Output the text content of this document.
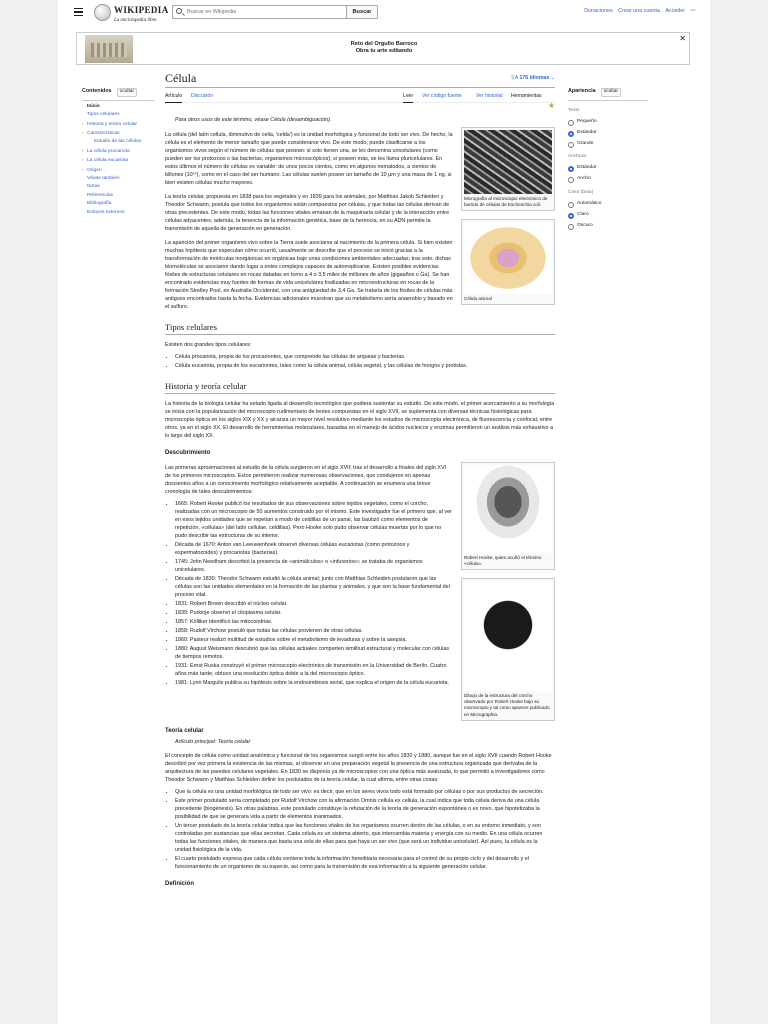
WIKIPEDIA
La enciclopedia libre
Buscar en Wikipedia
Buscar	Donaciones Crear una cuenta Acceder ···
Reto del Orgullo Barroco
Obra tu arte editando
✕
Contenidos ocultar
Inicio
Tipos celulares
› Historia y teoría celular
› Características
Estudio de las células
› La célula procariota
› La célula eucariota
› Origen
Véase también
Notas
Referencias
Bibliografía
Enlaces externos
Célula	文A 176 idiomas ⌄
Artículo Discusión	Leer Ver código fuente	Ver historial Herramientas
★
Para otros usos de este término, véase Célula (desambiguación).
Micrografía al microscopio electrónico de barrido de células de Escherichia coli.
La célula (del latín cellula, diminutivo de cella, 'celda') es la unidad morfológica y funcional de todo ser vivo. De hecho, la célula es el elemento de menor tamaño que puede considerarse vivo. De este modo, puede clasificarse a los organismos vivos según el número de células que posean: si solo tienen una, se les denomina unicelulares (como pueden ser los protozoos o las bacterias, organismos microscópicos); si poseen más, se les llama pluricelulares. En estos últimos el número de células es variable: de unos pocos cientos, como en algunos nematodos, a cientos de billones (10¹⁴), como en el caso del ser humano. Las células suelen poseer un tamaño de 10 µm y una masa de 1 ng, si bien existen células mucho mayores.
Célula animal
La teoría celular, propuesta en 1838 para los vegetales y en 1839 para los animales, por Matthias Jakob Schleiden y Theodor Schwann, postula que todos los organismos están compuestos por células, y que todas las células derivan de otras precedentes. De este modo, todas las funciones vitales emanan de la maquinaria celular y de la interacción entre células adyacentes; además, la tenencia de la información genética, base de la herencia, en su ADN permite la transmisión de aquella de generación en generación.
La aparición del primer organismo vivo sobre la Tierra suele asociarse al nacimiento de la primera célula. Si bien existen muchas hipótesis que especulan cómo ocurrió, usualmente se describe que el proceso se inició gracias a la transformación de moléculas inorgánicas en orgánicas bajo unas condiciones ambientales adecuadas; tras esto, dichas biomoléculas se asociaron dando lugar a entes complejos capaces de autorreplicarse. Existen posibles evidencias fósiles de estructuras celulares en rocas datadas en torno a 4 o 3,5 miles de millones de años (gigaaños o Ga). Se han encontrado evidencias muy fuertes de formas de vida unicelulares fosilizadas en microestructuras en rocas de la formación Strelley Pool, en Australia Occidental, con una antigüedad de 3,4 Ga. Se trataría de los fósiles de células más antiguos encontrados hasta la fecha. Evidencias adicionales muestran que su metabolismo sería anaerobio y basado en el sulfuro.
Tipos celulares
Existen dos grandes tipos celulares:
• Célula procariota, propia de los procariontes, que comprende las células de arqueas y bacterias.
• Célula eucariota, propia de los eucariontes, tales como la célula animal, célula vegetal, y las células de hongos y protistas.
Historia y teoría celular
La historia de la biología celular ha estado ligada al desarrollo tecnológico que pudiera sustentar su estudio. De este modo, el primer acercamiento a su morfología se inicia con la popularización del microscopio rudimentario de lentes compuestas en el siglo XVII, se suplementa con diversas técnicas histológicas para microscopía óptica en los siglos XIX y XX y alcanza un mayor nivel resolutivo mediante los estudios de microscopía electrónica, de fluorescencia y confocal, entre otros, ya en el siglo XX. El desarrollo de herramientas moleculares, basadas en el manejo de ácidos nucleicos y enzimas permitieron un análisis más exhaustivo a lo largo del siglo XX.
Descubrimiento
Robert Hooke, quien acuñó el término «célula».
Las primeras aproximaciones al estudio de la célula surgieron en el siglo XVII; tras el desarrollo a finales del siglo XVI de los primeros microscopios. Estos permitieron realizar numerosas observaciones, que condujeron en apenas doscientos años a un conocimiento morfológico relativamente aceptable. A continuación se enumera una breve cronología de tales descubrimientos:
Dibujo de la estructura del corcho observado por Robert Hooke bajo su microscopio y tal como aparece publicado en Micrographia.
• 1665: Robert Hooke publicó los resultados de sus observaciones sobre tejidos vegetales, como el corcho, realizadas con un microscopio de 50 aumentos construido por él mismo. Este investigador fue el primero que, al ver en esos tejidos unidades que se repetían a modo de celdillas de un panal, las bautizó como elementos de repetición, «células» (del latín cellulae, celdillas). Pero Hooke solo pudo observar células muertas por lo que no pudo describir las estructuras de su interior.
• Década de 1670: Anton van Leeuwenhoek observó diversas células eucariotas (como protozoos y espermatozoides) y procariotas (bacterias).
• 1745: John Needham describió la presencia de «animálculos» o «infusorios»; se trataba de organismos unicelulares.
• Década de 1830: Theodor Schwann estudió la célula animal; junto con Matthias Schleiden postularon que las células son las unidades elementales en la formación de las plantas y animales, y que son la base fundamental del proceso vital.
• 1831: Robert Brown describió el núcleo celular.
• 1839: Purkinje observó el citoplasma celular.
• 1857: Kölliker identificó las mitocondrias.
• 1858: Rudolf Virchow postuló que todas las células provienen de otras células.
• 1860: Pasteur realizó multitud de estudios sobre el metabolismo de levaduras y sobre la asepsia.
• 1880: August Weismann descubrió que las células actuales comparten similitud estructural y molecular con células de tiempos remotos.
• 1931: Ernst Ruska construyó el primer microscopio electrónico de transmisión en la Universidad de Berlín. Cuatro años más tarde, obtuvo una resolución óptica doble a la del microscopio óptico.
• 1981: Lynn Margulis publica su hipótesis sobre la endosimbiosis serial, que explica el origen de la célula eucariota.
Teoría celular
Artículo principal: Teoría celular
El concepto de célula como unidad anatómica y funcional de los organismos surgió entre los años 1830 y 1880, aunque fue en el siglo XVII cuando Robert Hooke describió por vez primera la existencia de las mismas, al observar en una preparación vegetal la presencia de una estructura organizada que derivaba de la arquitectura de las paredes celulares vegetales. En 1830 se disponía ya de microscopios con una óptica más avanzada, lo que permitió a investigadores como Theodor Schwann y Matthias Schleiden definir los postulados de la teoría celular, la cual afirma, entre otras cosas:
• Que la célula es una unidad morfológica de todo ser vivo: es decir, que en los seres vivos todo está formado por células o por sus productos de secreción.
• Este primer postulado sería completado por Rudolf Virchow con la afirmación Omnis cellula ex cellula, la cual indica que toda célula deriva de una célula precedente (biogénesis). En otras palabras, este postulado constituye la refutación de la teoría de generación espontánea o ex novo, que hipotetizaba la posibilidad de que se generara vida a partir de elementos inanimados.
• Un tercer postulado de la teoría celular indica que las funciones vitales de los organismos ocurren dentro de las células, o en su entorno inmediato, y son controladas por sustancias que ellas secretan. Cada célula es un sistema abierto, que intercambia materia y energía con su medio. En una célula ocurren todas las funciones vitales, de manera que basta una sola de ellas para que haya un ser vivo (que será un individuo unicelular). Así pues, la célula es la unidad fisiológica de la vida.
• El cuarto postulado expresa que cada célula contiene toda la información hereditaria necesaria para el control de su propio ciclo y del desarrollo y el funcionamiento de un organismo de su especie, así como para la transmisión de esa información a la siguiente generación celular.
Definición
Apariencia ocultar
Texto
Pequeño
Estándar
Grande
Anchura
Estándar
Ancho
Color (beta)
Automático
Claro
Oscuro
